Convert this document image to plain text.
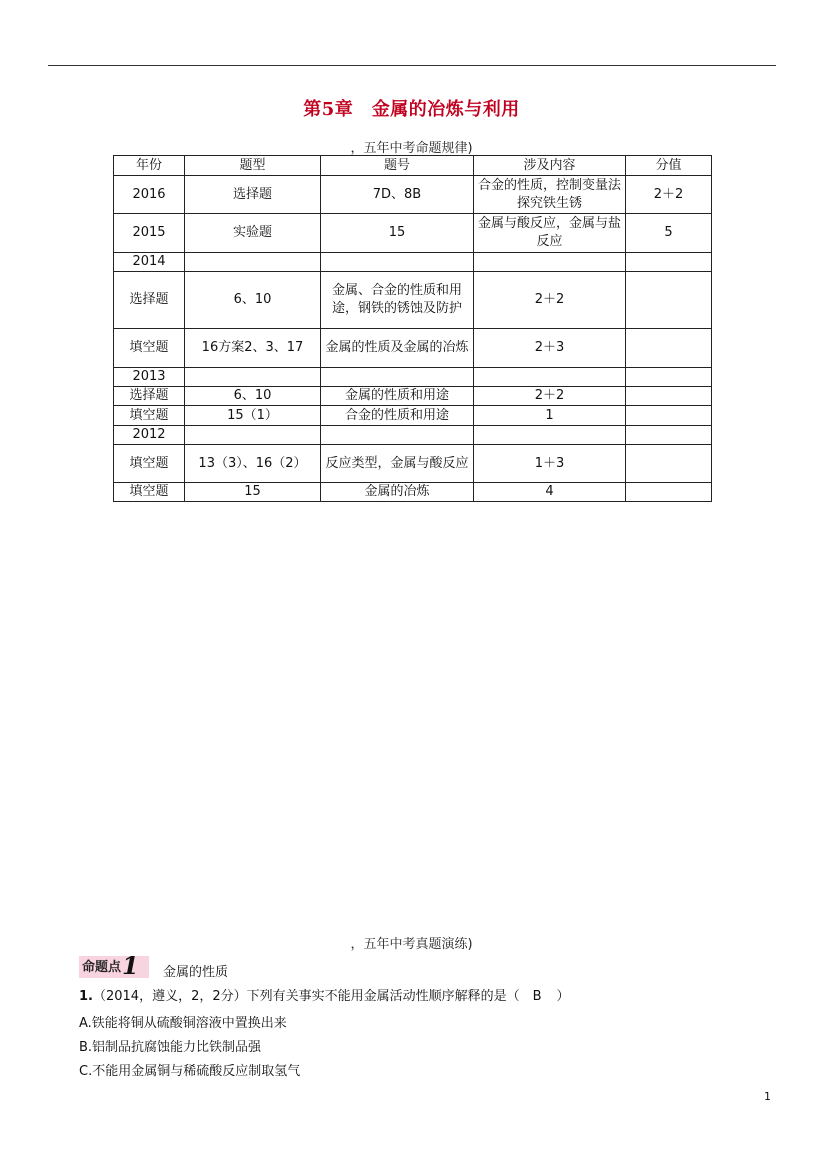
第5章　金属的冶炼与利用
，五年中考命题规律)
年份	题型	题号	涉及内容	分值
2016	选择题	7D、8B	合金的性质，控制变量法探究铁生锈	2＋2
2015	实验题	15	金属与酸反应，金属与盐反应	5
2014				
选择题	6、10	金属、合金的性质和用途，钢铁的锈蚀及防护	2＋2	
填空题	16方案2、3、17	金属的性质及金属的冶炼	2＋3	
2013				
选择题	6、10	金属的性质和用途	2＋2	
填空题	15（1）	合金的性质和用途	1	
2012				
填空题	13（3）、16（2）	反应类型，金属与酸反应	1＋3	
填空题	15	金属的冶炼	4	
，五年中考真题演练)
命题点 1 金属的性质
1.（2014，遵义，2，2分）下列有关事实不能用金属活动性顺序解释的是（　B　）
A.铁能将铜从硫酸铜溶液中置换出来
B.铝制品抗腐蚀能力比铁制品强
C.不能用金属铜与稀硫酸反应制取氢气
1
